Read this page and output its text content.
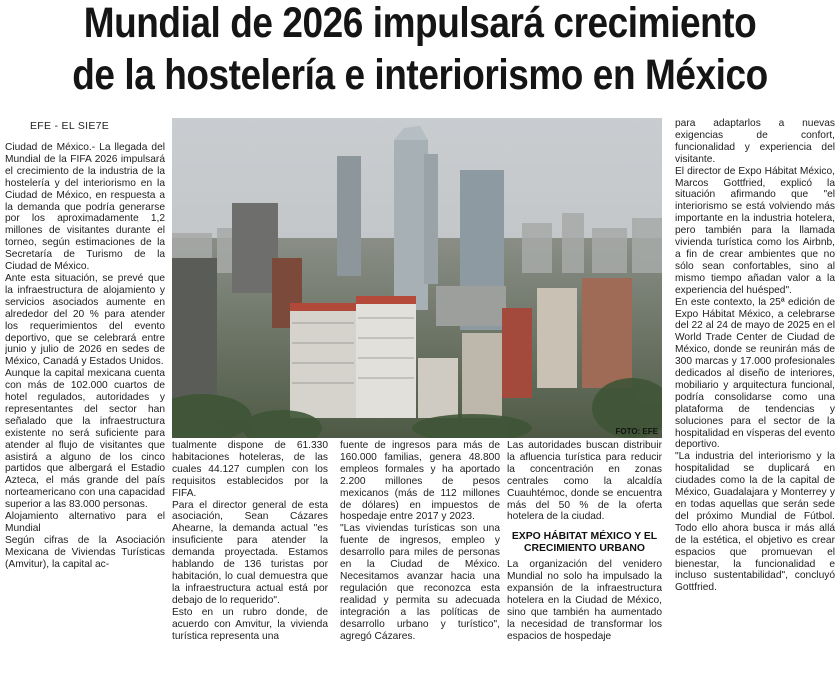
Mundial de 2026 impulsará crecimiento
de la hostelería e interiorismo en México
EFE - EL SIE7E

Ciudad de México.- La llegada del Mundial de la FIFA 2026 impulsará el crecimiento de la industria de la hostelería y del interiorismo en la Ciudad de México, en respuesta a la demanda que podría generarse por los aproximadamente 1,2 millones de visitantes durante el torneo, según estimaciones de la Secretaría de Turismo de la Ciudad de México.

Ante esta situación, se prevé que la infraestructura de alojamiento y servicios asociados aumente en alrededor del 20 % para atender los requerimientos del evento deportivo, que se celebrará entre junio y julio de 2026 en sedes de México, Canadá y Estados Unidos.

Aunque la capital mexicana cuenta con más de 102.000 cuartos de hotel regulados, autoridades y representantes del sector han señalado que la infraestructura existente no será suficiente para atender al flujo de visitantes que asistirá a alguno de los cinco partidos que albergará el Estadio Azteca, el más grande del país norteamericano con una capacidad superior a las 83.000 personas.

Alojamiento alternativo para el Mundial

Según cifras de la Asociación Mexicana de Viviendas Turísticas (Amvitur), la capital ac-

FOTO: EFE

tualmente dispone de 61.330 habitaciones hoteleras, de las cuales 44.127 cumplen con los requisitos establecidos por la FIFA.

Para el director general de esta asociación, Sean Cázares Ahearne, la demanda actual "es insuficiente para atender la demanda proyectada. Estamos hablando de 136 turistas por habitación, lo cual demuestra que la infraestructura actual está por debajo de lo requerido".

Esto en un rubro donde, de acuerdo con Amvitur, la vivienda turística representa una

fuente de ingresos para más de 160.000 familias, genera 48.800 empleos formales y ha aportado 2.200 millones de pesos mexicanos (más de 112 millones de dólares) en impuestos de hospedaje entre 2017 y 2023.

"Las viviendas turísticas son una fuente de ingresos, empleo y desarrollo para miles de personas en la Ciudad de México. Necesitamos avanzar hacia una regulación que reconozca esta realidad y permita su adecuada integración a las políticas de desarrollo urbano y turístico", agregó Cázares.

Las autoridades buscan distribuir la afluencia turística para reducir la concentración en zonas centrales como la alcaldía Cuauhtémoc, donde se encuentra más del 50 % de la oferta hotelera de la ciudad.

EXPO HÁBITAT MÉXICO Y EL CRECIMIENTO URBANO

La organización del venidero Mundial no solo ha impulsado la expansión de la infraestructura hotelera en la Ciudad de México, sino que también ha aumentado la necesidad de transformar los espacios de hospedaje

para adaptarlos a nuevas exigencias de confort, funcionalidad y experiencia del visitante.

El director de Expo Hábitat México, Marcos Gottfried, explicó la situación afirmando que "el interiorismo se está volviendo más importante en la industria hotelera, pero también para la llamada vivienda turística como los Airbnb, a fin de crear ambientes que no sólo sean confortables, sino al mismo tiempo añadan valor a la experiencia del huésped".

En este contexto, la 25ª edición de Expo Hábitat México, a celebrarse del 22 al 24 de mayo de 2025 en el World Trade Center de Ciudad de México, donde se reunirán más de 300 marcas y 17.000 profesionales dedicados al diseño de interiores, mobiliario y arquitectura funcional, podría consolidarse como una plataforma de tendencias y soluciones para el sector de la hospitalidad en vísperas del evento deportivo.

"La industria del interiorismo y la hospitalidad se duplicará en ciudades como la de la capital de México, Guadalajara y Monterrey y en todas aquellas que serán sede del próximo Mundial de Fútbol. Todo ello ahora busca ir más allá de la estética, el objetivo es crear espacios que promuevan el bienestar, la funcionalidad e incluso sustentabilidad", concluyó Gottfried.
